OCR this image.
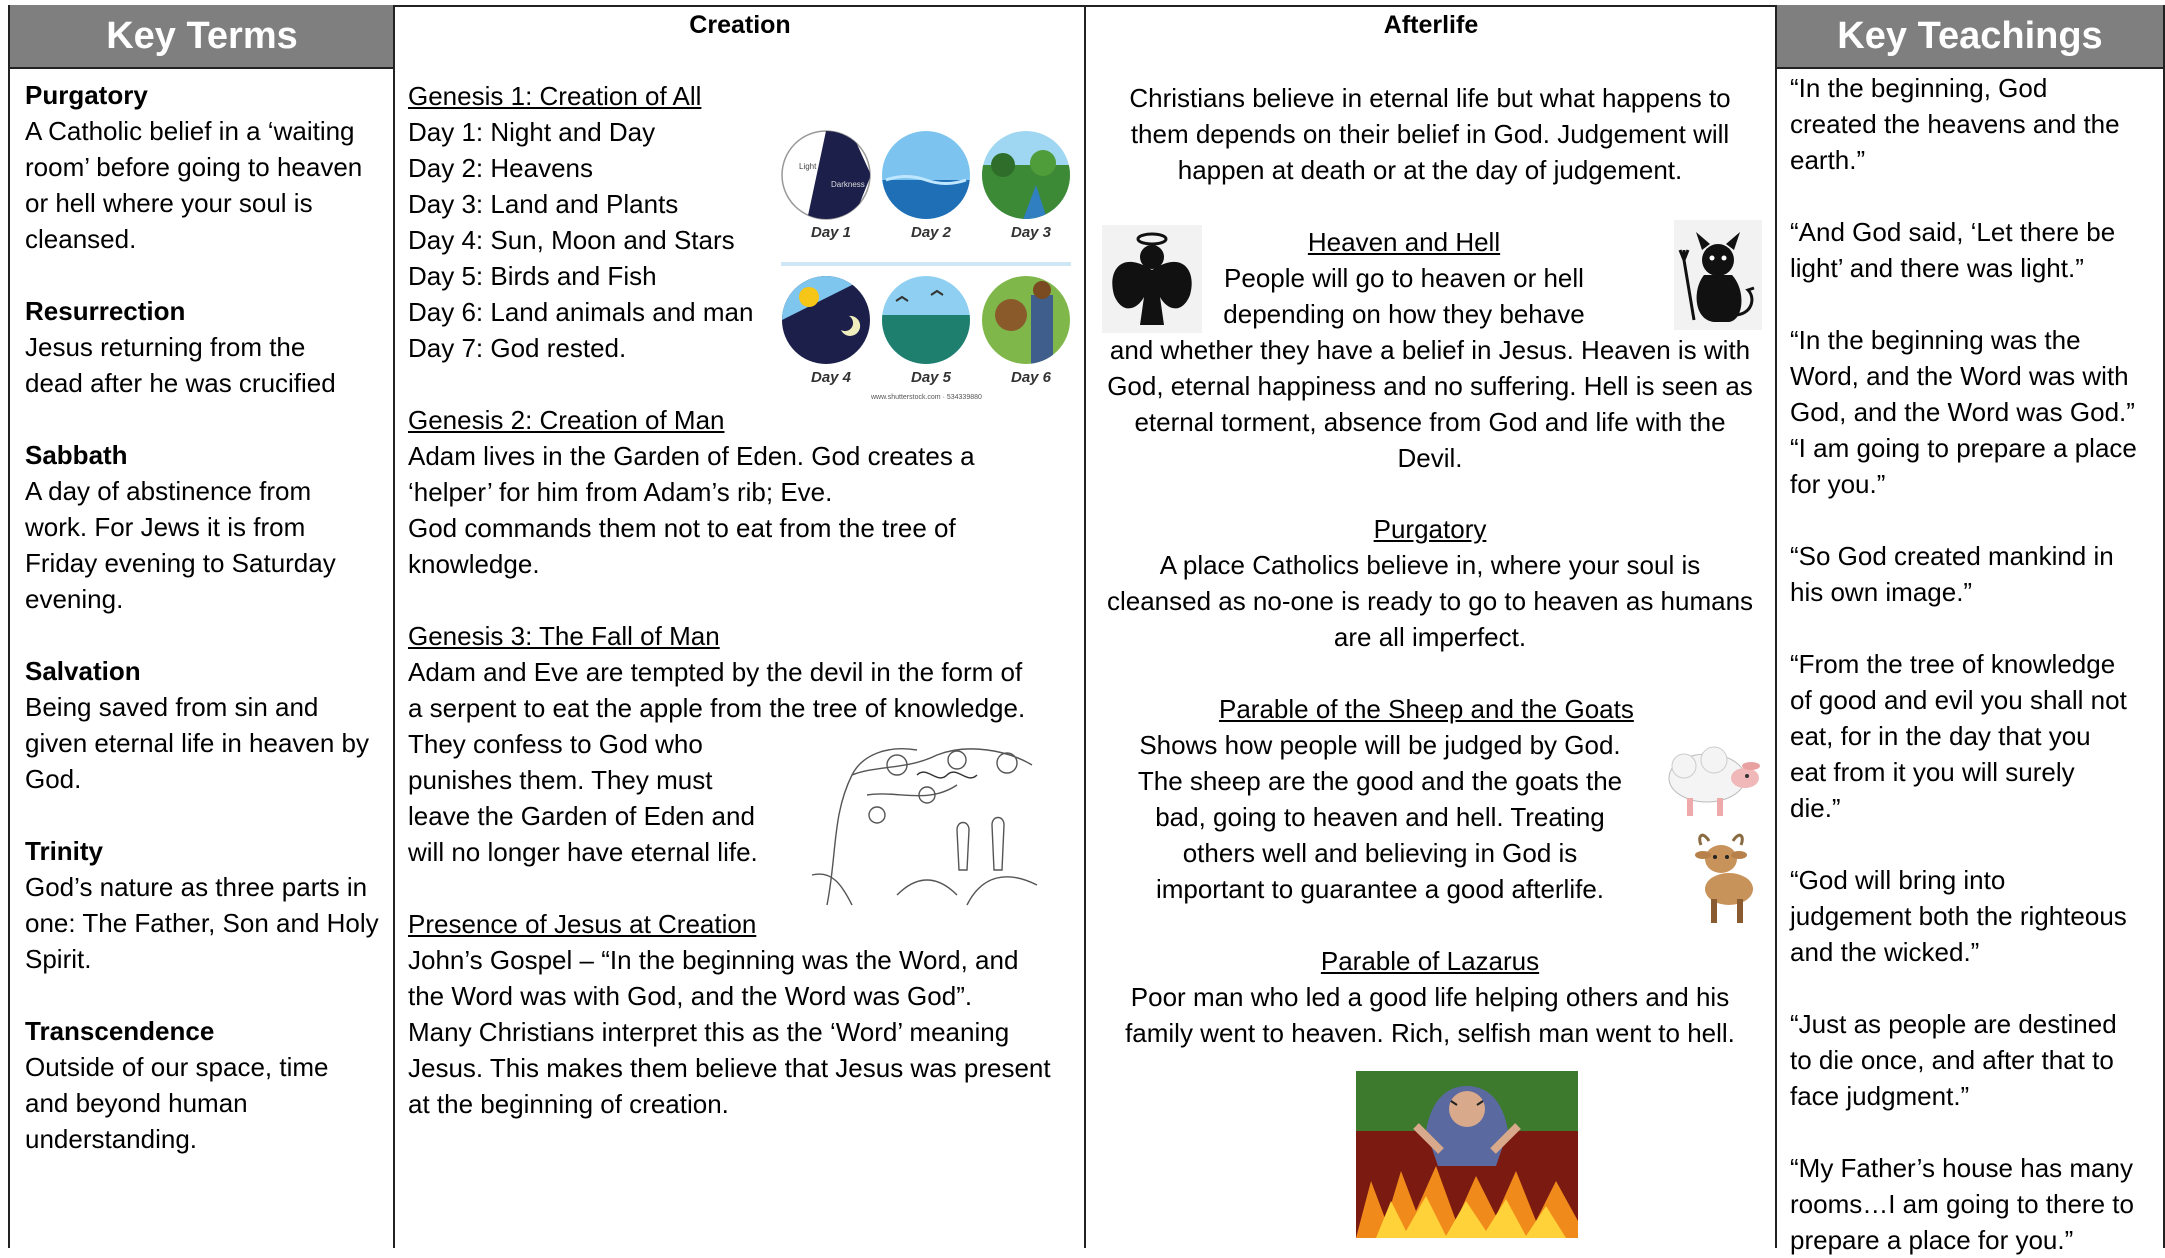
Key Terms
Purgatory
A Catholic belief in a ‘waiting room’ before going to heaven or hell where your soul is cleansed.
Resurrection
Jesus returning from the dead after he was crucified
Sabbath
A day of abstinence from work. For Jews it is from Friday evening to Saturday evening.
Salvation
Being saved from sin and given eternal life in heaven by God.
Trinity
God’s nature as three parts in one: The Father, Son and Holy Spirit.
Transcendence
Outside of our space, time and beyond human understanding.
Creation
Genesis 1: Creation of All
Day 1: Night and Day
Day 2: Heavens
Day 3: Land and Plants
Day 4: Sun, Moon and Stars
Day 5: Birds and Fish
Day 6: Land animals and man
Day 7: God rested.
Light
Darkness
Day 1	Day 2	Day 3
Day 4	Day 5	Day 6
www.shutterstock.com · 534339880
Genesis 2: Creation of Man
Adam lives in the Garden of Eden. God creates a
‘helper’ for him from Adam’s rib; Eve.
God commands them not to eat from the tree of
knowledge.
Genesis 3: The Fall of Man
Adam and Eve are tempted by the devil in the form of
a serpent to eat the apple from the tree of knowledge.
They confess to God who
punishes them. They must
leave the Garden of Eden and
will no longer have eternal life.
Presence of Jesus at Creation
John’s Gospel – “In the beginning was the Word, and
the Word was with God, and the Word was God”.
Many Christians interpret this as the ‘Word’ meaning
Jesus. This makes them believe that Jesus was present
at the beginning of creation.
Afterlife
Christians believe in eternal life but what happens to
them depends on their belief in God. Judgement will
happen at death or at the day of judgement.
Heaven and Hell
People will go to heaven or hell
depending on how they behave
and whether they have a belief in Jesus. Heaven is with
God, eternal happiness and no suffering. Hell is seen as
eternal torment, absence from God and life with the
Devil.
Purgatory
A place Catholics believe in, where your soul is
cleansed as no-one is ready to go to heaven as humans
are all imperfect.
Parable of the Sheep and the Goats
Shows how people will be judged by God.
The sheep are the good and the goats the
bad, going to heaven and hell. Treating
others well and believing in God is
important to guarantee a good afterlife.
Parable of Lazarus
Poor man who led a good life helping others and his
family went to heaven. Rich, selfish man went to hell.
Key Teachings
“In the beginning, God
created the heavens and the
earth.”
“And God said, ‘Let there be
light’ and there was light.”
“In the beginning was the
Word, and the Word was with
God, and the Word was God.”
“I am going to prepare a place
for you.”
“So God created mankind in
his own image.”
“From the tree of knowledge
of good and evil you shall not
eat, for in the day that you
eat from it you will surely
die.”
“God will bring into
judgement both the righteous
and the wicked.”
“Just as people are destined
to die once, and after that to
face judgment.”
“My Father’s house has many
rooms…I am going to there to
prepare a place for you.”
